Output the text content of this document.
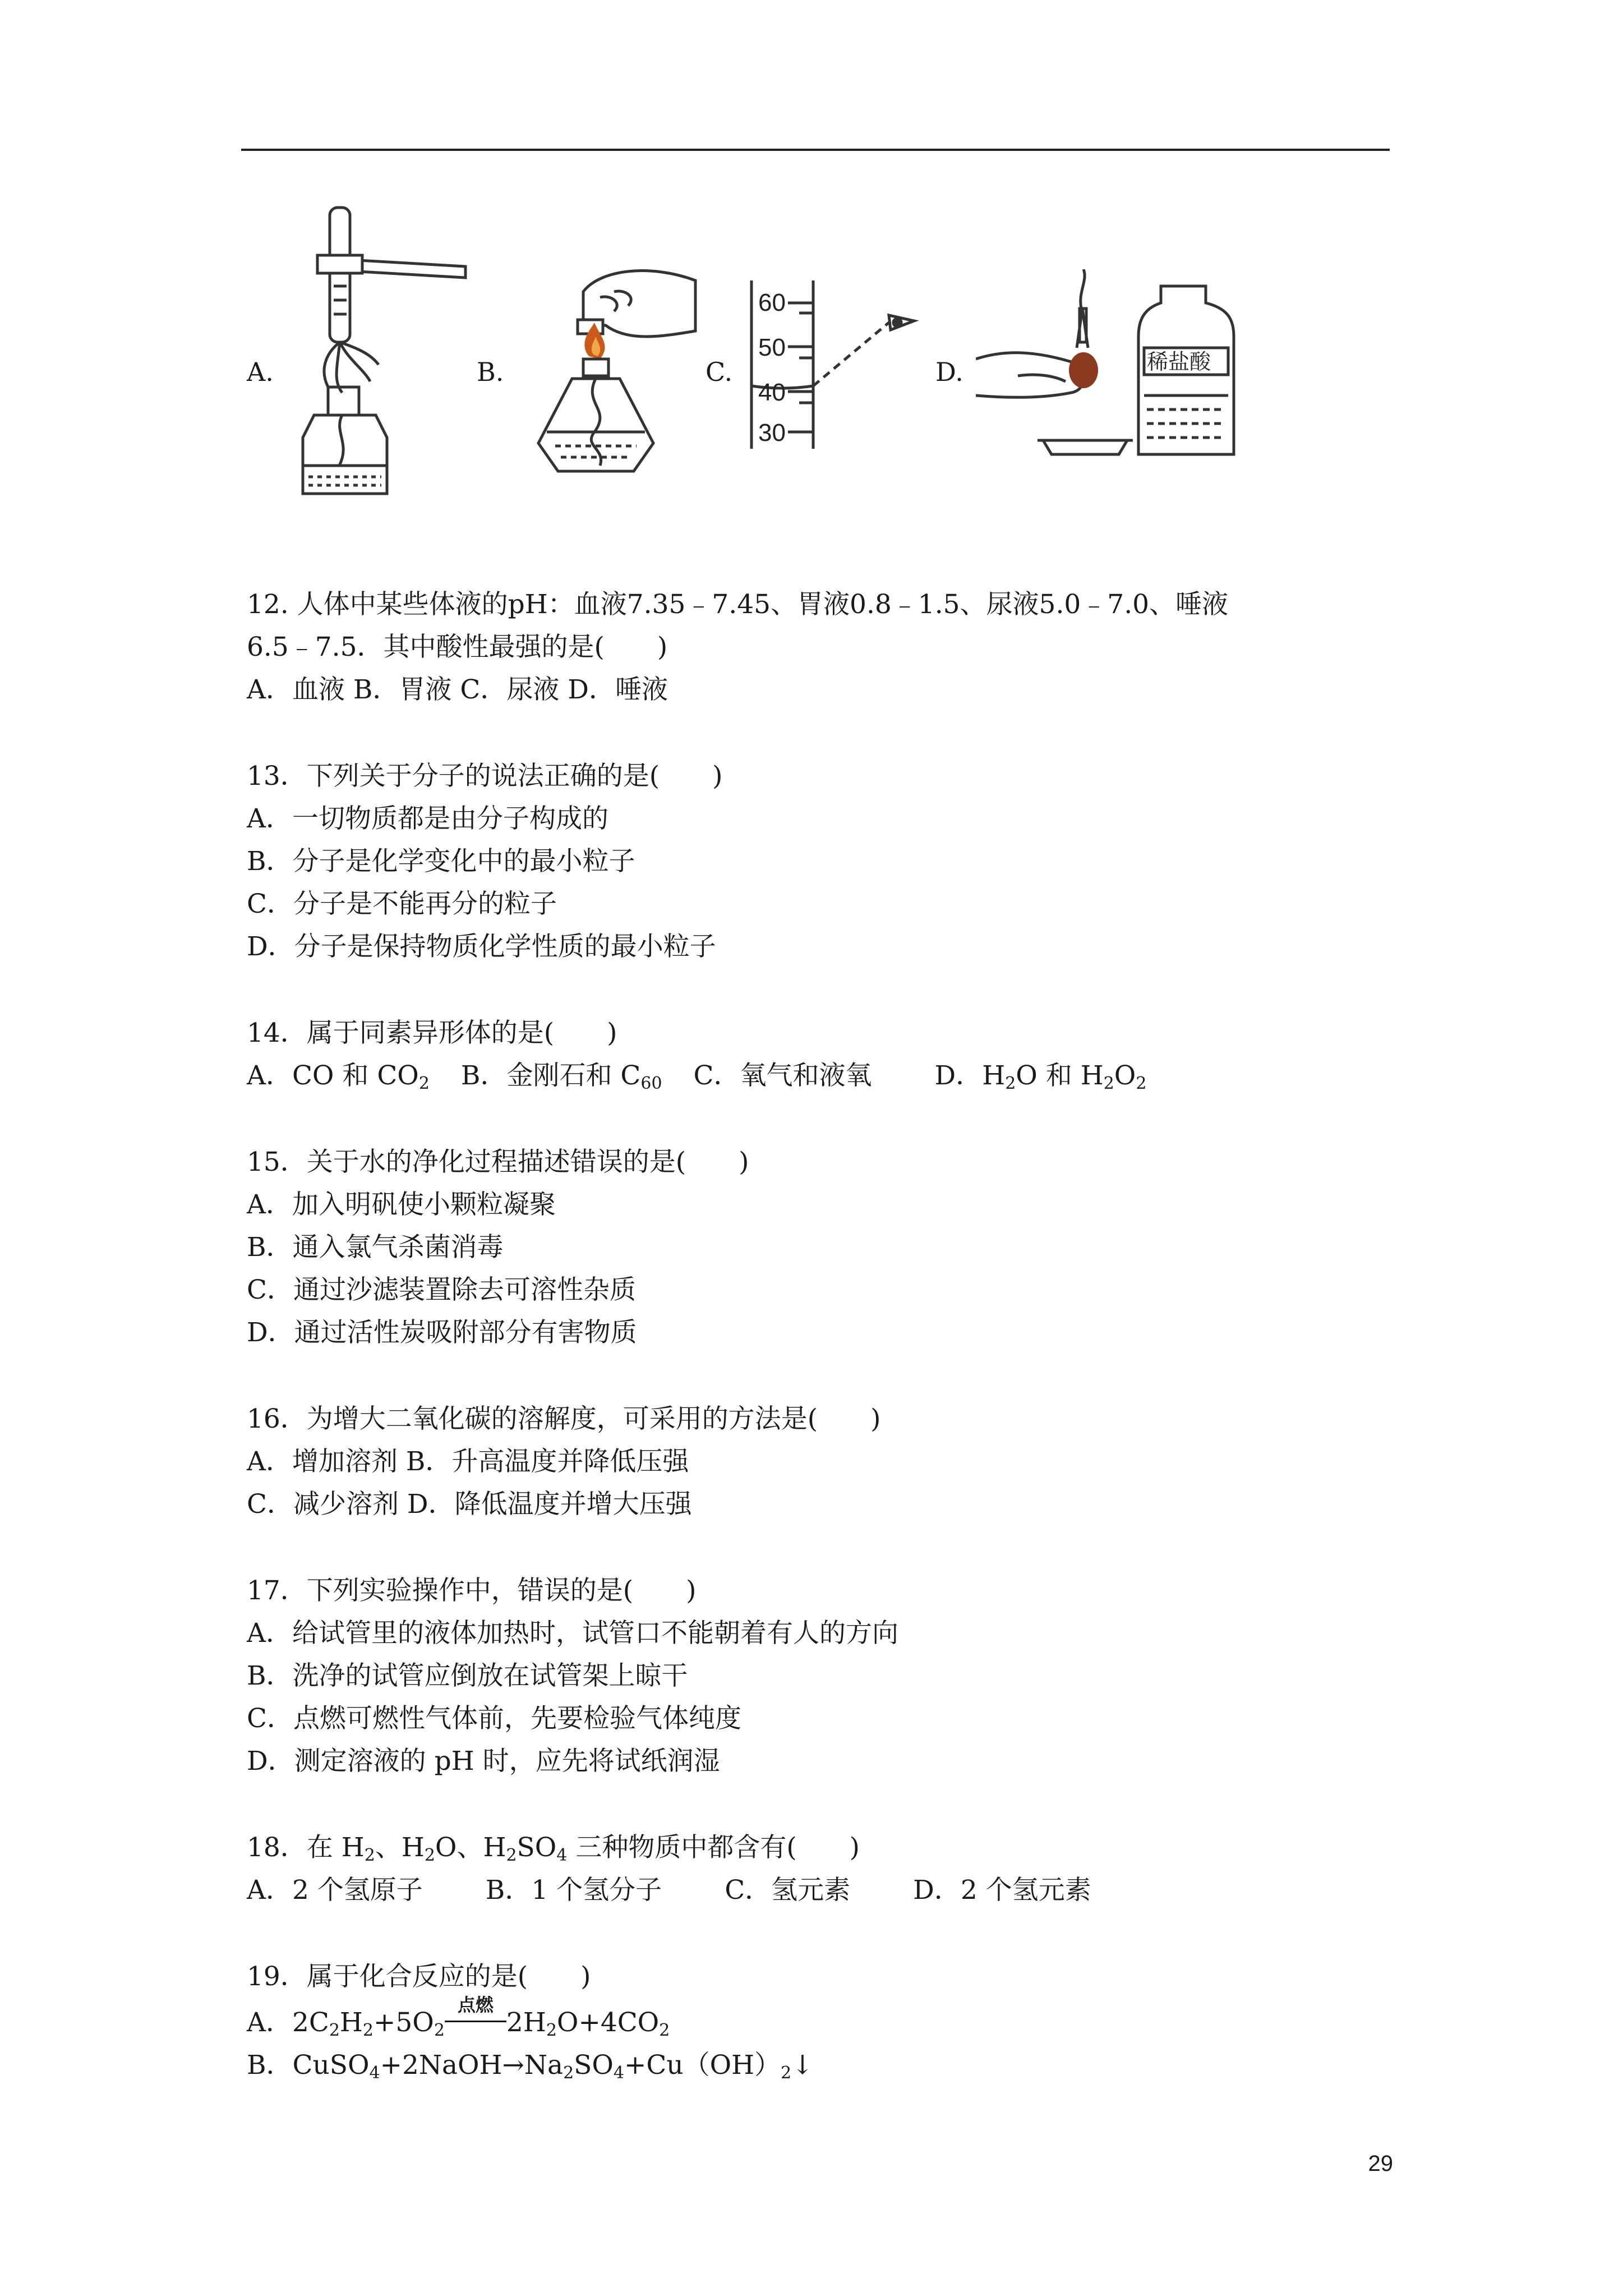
A.	B.	C.
60
50
40
30
D.	稀盐酸
12. 人体中某些体液的pH：血液7.35﹣7.45、胃液0.8﹣1.5、尿液5.0﹣7.0、唾液
6.5﹣7.5．其中酸性最强的是(　　)
A．血液 B．胃液 C．尿液 D．唾液
13．下列关于分子的说法正确的是(　　)
A．一切物质都是由分子构成的
B．分子是化学变化中的最小粒子
C．分子是不能再分的粒子
D．分子是保持物质化学性质的最小粒子
14．属于同素异形体的是(　　)
A．CO 和 $CO_2$ B．金刚石和 $C_{60}$ C．氧气和液氧 D．$H_2O$ 和 $H_2O_2$
15．关于水的净化过程描述错误的是(　　)
A．加入明矾使小颗粒凝聚
B．通入氯气杀菌消毒
C．通过沙滤装置除去可溶性杂质
D．通过活性炭吸附部分有害物质
16．为增大二氧化碳的溶解度，可采用的方法是(　　)
A．增加溶剂 B．升高温度并降低压强
C．减少溶剂 D．降低温度并增大压强
17．下列实验操作中，错误的是(　　)
A．给试管里的液体加热时，试管口不能朝着有人的方向
B．洗净的试管应倒放在试管架上晾干
C．点燃可燃性气体前，先要检验气体纯度
D．测定溶液的 pH 时，应先将试纸润湿
18．在 $H_2$、$H_2O$、$H_2SO_4$ 三种物质中都含有(　　)
A．2 个氢原子 B．1 个氢分子 C．氢元素 D．2 个氢元素
19．属于化合反应的是(　　)
A．$2C_2H_2+5O_2$
点燃
$2H_2O+4CO_2$
B．$CuSO_4+2NaOH\to Na_2SO_4+Cu(OH)_2↓$
29
